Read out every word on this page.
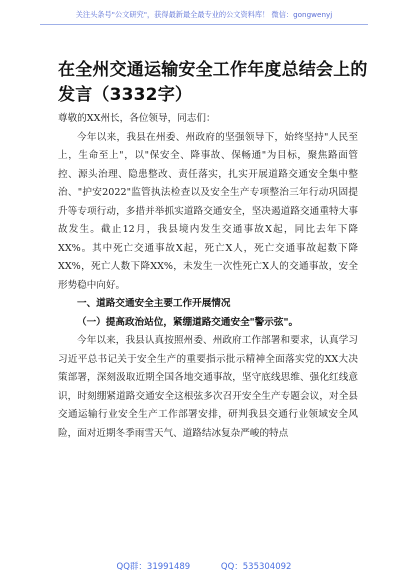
关注头条号"公文研究"，获得最新最全最专业的公文资料库！ 微信：gongwenyj
在全州交通运输安全工作年度总结会上的
发言（3332字）

尊敬的XX州长，各位领导，同志们：

今年以来，我县在州委、州政府的坚强领导下，始终坚持"人民至上，生命至上"，以"保安全、降事故、保畅通"为目标，聚焦路面管控、源头治理、隐患整改、责任落实，扎实开展道路交通安全集中整治、"护安2022"监管执法检查以及安全生产专项整治三年行动巩固提升等专项行动，多措并举抓实道路交通安全，坚决遏道路交通重特大事故发生。截止12月，我县境内发生交通事故X起，同比去年下降XX%。其中死亡交通事故X起，死亡X人，死亡交通事故起数下降XX%，死亡人数下降XX%，未发生一次性死亡X人的交通事故，安全形势稳中向好。

一、道路交通安全主要工作开展情况

（一）提高政治站位，紧绷道路交通安全"警示弦"。

今年以来，我县认真按照州委、州政府工作部署和要求，认真学习习近平总书记关于安全生产的重要指示批示精神全面落实党的XX大决策部署，深刻汲取近期全国各地交通事故，坚守底线思维、强化红线意识，时刻绷紧道路交通安全这根弦多次召开安全生产专题会议，对全县交通运输行业安全生产工作部署安排，研判我县交通行业领域安全风险，面对近期冬季雨雪天气、道路结冰复杂严峻的特点

QQ群：31991489	QQ：535304092
